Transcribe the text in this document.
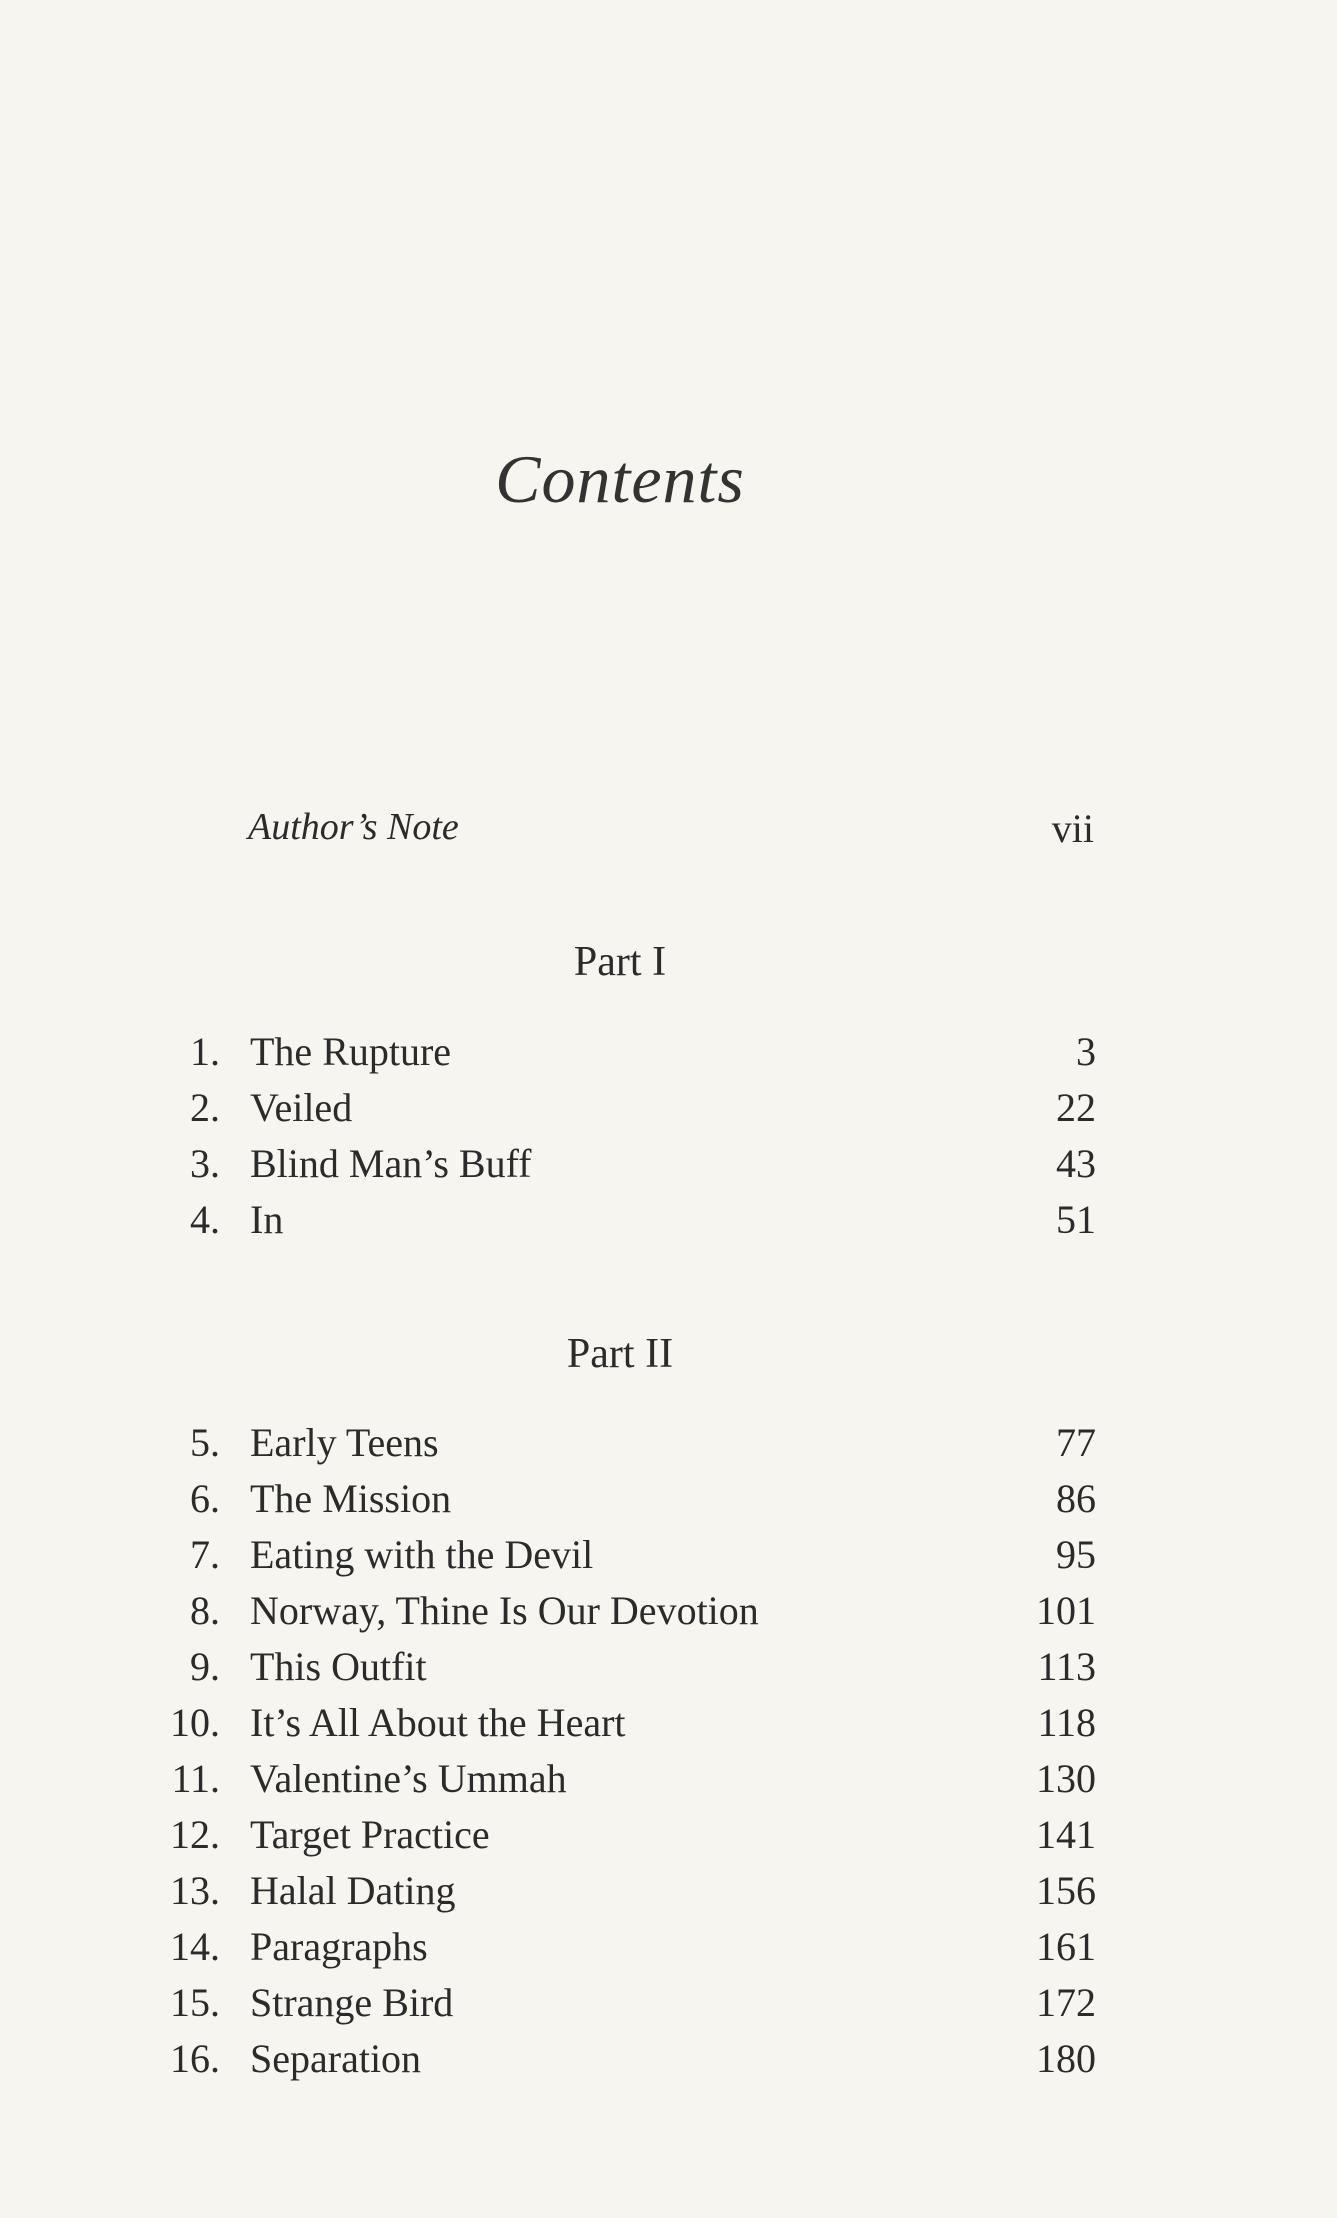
Contents
Author’s Note	vii
Part I
1. The Rupture	3
2. Veiled	22
3. Blind Man’s Buff	43
4. In	51
Part II
5. Early Teens	77
6. The Mission	86
7. Eating with the Devil	95
8. Norway, Thine Is Our Devotion	101
9. This Outfit	113
10. It’s All About the Heart	118
11. Valentine’s Ummah	130
12. Target Practice	141
13. Halal Dating	156
14. Paragraphs	161
15. Strange Bird	172
16. Separation	180
